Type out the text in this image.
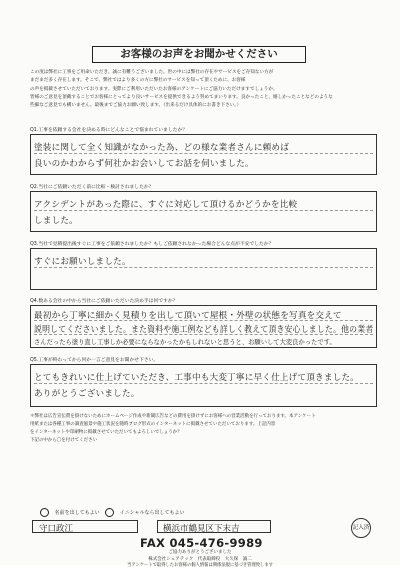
お客様のお声をお聞かせください

この度は弊社に工事をご用命いただき、誠に有難うございました。世の中には弊社の存在やサービスをご存知ない方が

まだまだ多く存在します。そこで、弊社ではより多くの方に弊社のサービスを知って頂くために、お客様

の声を掲載させていただいております。実際にご利用いただいたお客様のアンケートにご協力いただけますでしょうか。

皆様のご意見を頂戴することでお客様にとってより良いサービスを提供できるよう努めてまいります。良かったこと、嬉しかったことなどのような

些細なご意見でも構いません。最後までご協力お願い致します。（出来るだけ具体的にお書き下さい。）

Q1.工事を依頼する会社を決める時にどんなことで悩まれていましたか？
塗装に関して全く知識がなかった為、どの様な業者さんに頼めば
良いのかわからず何社かお会いしてお話を伺いました。
Q2.当社にご依頼いただく前に比較・検討されましたか？
アクシデントがあった際に、すぐに対応して頂けるかどうかを比較
しました。
Q3.当社で見積提出後すぐに工事をご依頼されましたか？もしご依頼されなかった場合どんな点が不安でしたか？
すぐにお願いしました。
Q4.数ある会社の中から当社にご依頼いただいた決め手は何ですか？
最初から丁寧に細かく見積りを出して頂いて屋根・外壁の状態を写真を交えて
説明してくださいました。また資料や施工例なども詳しく教えて頂き安心しました。他の業者
さんだったら塗り直し工事しか必要にならなかったかもしれないと思うと、お願いして大変良かったです。
Q5.工事が終わってから何か一言ご意見をお聞かせ下さい。
とてもきれいに仕上げていただき、工事中も大変丁寧に早く仕上げて頂きました。
ありがとうございました。

＊弊社は広告宣伝費を掛けないためにホームページ作成や新聞広告などの費用を掛けずにお客様への営業活動を行っております。本アンケート

用紙または各種工事の調査風景や施工状況を随時ブログ形式のインターネットに掲載させていただいております。上記内容

をインターネットや印刷物に掲載させていただいてもよろしいでしょうか？

下記の中から〇を付けてください

名前を出してもよい	イニシャルなら出してもよい
守口政江	横浜市鶴見区下末吉	記入済
FAX 045-476-9989
ご協力ありがとうございました
株式会社シェアテック　代表取締役　大久保　誠二
当アンケートで取得したお客様の個人情報は関係法規に基づき管理致します
